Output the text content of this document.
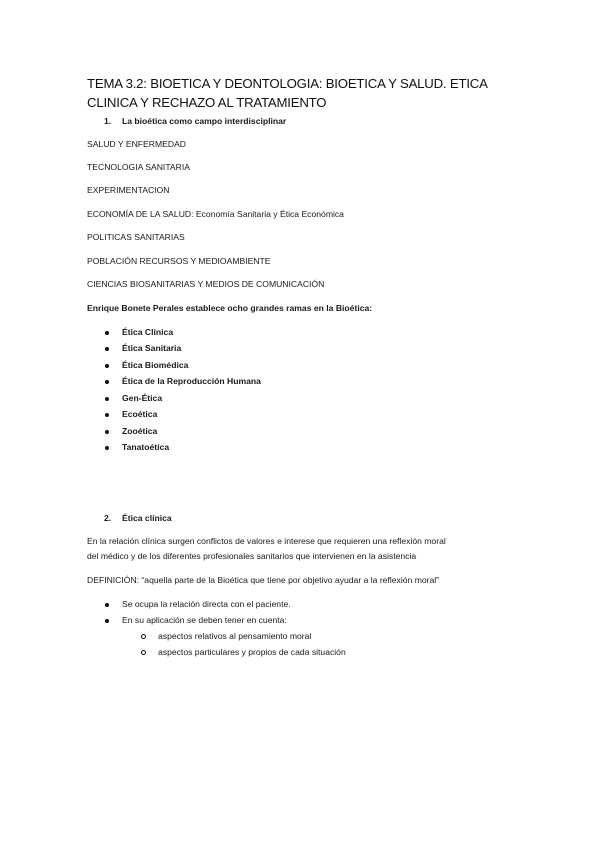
TEMA 3.2: BIOETICA Y DEONTOLOGIA: BIOETICA Y SALUD. ETICA CLINICA Y RECHAZO AL TRATAMIENTO
1. La bioética como campo interdisciplinar
SALUD Y ENFERMEDAD
TECNOLOGIA SANITARIA
EXPERIMENTACION
ECONOMÍA DE LA SALUD: Economía Sanitaria y Ética Económica
POLITICAS SANITARIAS
POBLACIÓN RECURSOS Y MEDIOAMBIENTE
CIENCIAS BIOSANITARIAS Y MEDIOS DE COMUNICACIÓN
Enrique Bonete Perales establece ocho grandes ramas en la Bioética:
Ética Clínica
Ética Sanitaria
Ética Biomédica
Ética de la Reproducción Humana
Gen-Ética
Ecoética
Zooética
Tanatoética
2. Ética clínica
En la relación clínica surgen conflictos de valores e interese que requieren una reflexión moral
del médico y de los diferentes profesionales sanitarios que intervienen en la asistencia
DEFINICIÓN: “aquella parte de la Bioética que tiene por objetivo ayudar a la reflexión moral”
Se ocupa la relación directa con el paciente.
En su aplicación se deben tener en cuenta:
aspectos relativos al pensamiento moral
aspectos particulares y propios de cada situación
